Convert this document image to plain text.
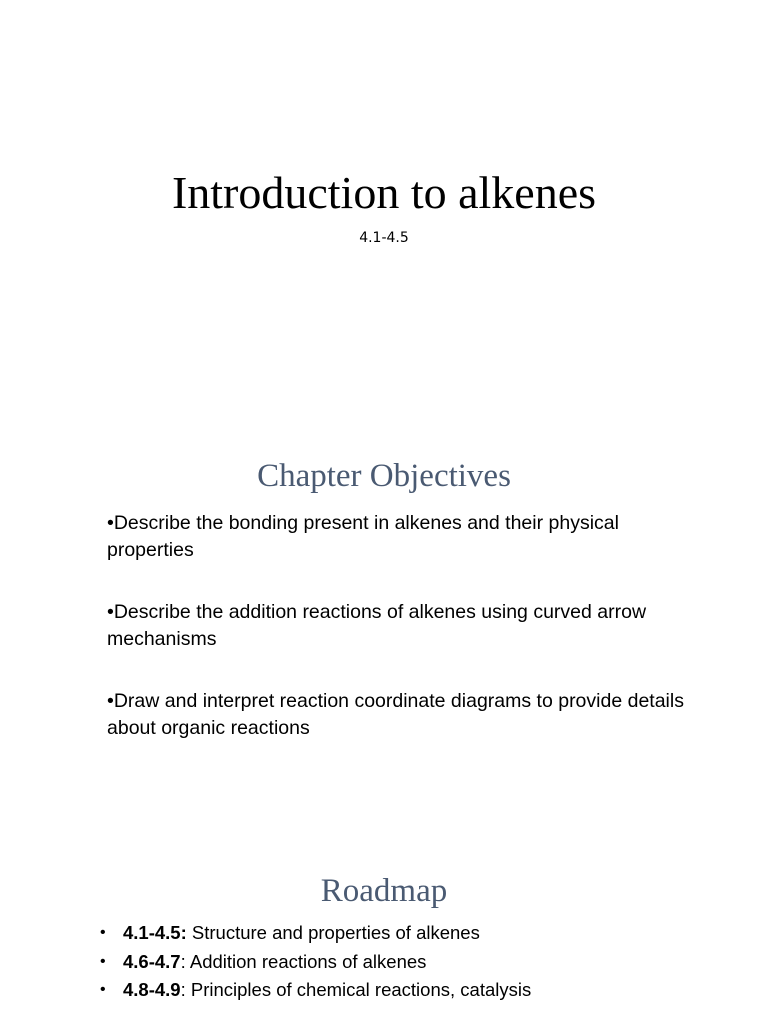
Introduction to alkenes

4.1-4.5

Chapter Objectives
•Describe the bonding present in alkenes and their physical properties
•Describe the addition reactions of alkenes using curved arrow mechanisms
•Draw and interpret reaction coordinate diagrams to provide details about organic reactions
Roadmap
• 4.1-4.5: Structure and properties of alkenes
• 4.6-4.7: Addition reactions of alkenes
• 4.8-4.9: Principles of chemical reactions, catalysis
